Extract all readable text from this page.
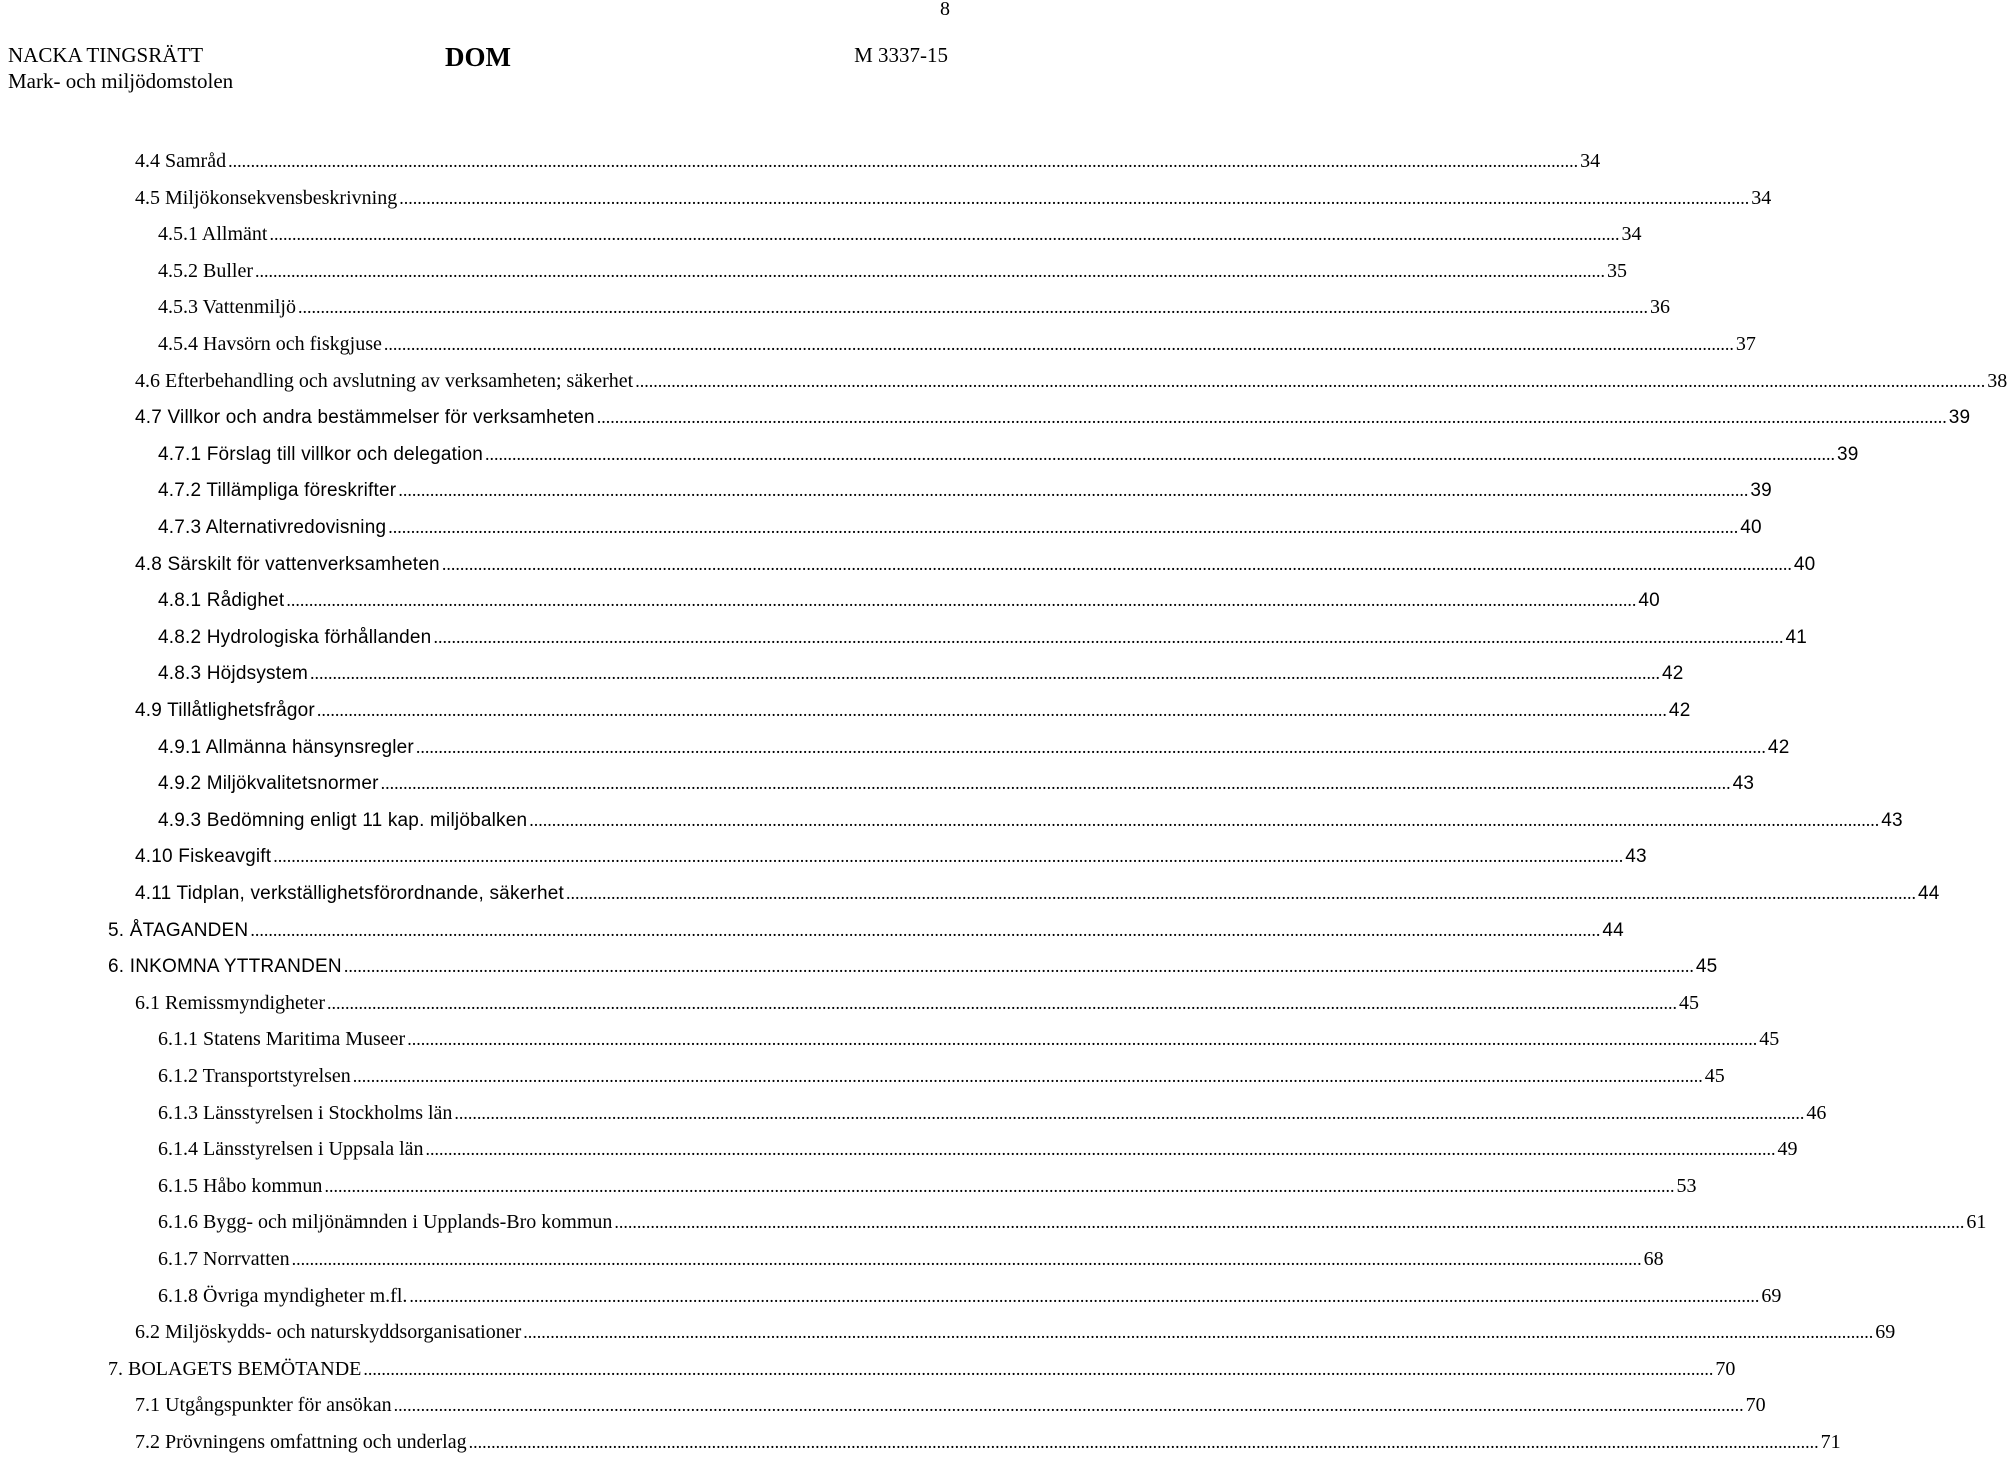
8
NACKA TINGSRÄTT
Mark- och miljödomstolen
DOM	M 3337-15
4.4 Samråd ............................................................................................................................................................................................................................................................................................................ 34
4.5 Miljökonsekvensbeskrivning ............................................................................................................................................................................................................................................................................................................ 34
4.5.1 Allmänt ............................................................................................................................................................................................................................................................................................................ 34
4.5.2 Buller ............................................................................................................................................................................................................................................................................................................ 35
4.5.3 Vattenmiljö ............................................................................................................................................................................................................................................................................................................ 36
4.5.4 Havsörn och fiskgjuse ............................................................................................................................................................................................................................................................................................................ 37
4.6 Efterbehandling och avslutning av verksamheten; säkerhet ............................................................................................................................................................................................................................................................................................................ 38
4.7 Villkor och andra bestämmelser för verksamheten ............................................................................................................................................................................................................................................................................................................ 39
4.7.1 Förslag till villkor och delegation ............................................................................................................................................................................................................................................................................................................ 39
4.7.2 Tillämpliga föreskrifter ............................................................................................................................................................................................................................................................................................................ 39
4.7.3 Alternativredovisning ............................................................................................................................................................................................................................................................................................................ 40
4.8 Särskilt för vattenverksamheten ............................................................................................................................................................................................................................................................................................................ 40
4.8.1 Rådighet ............................................................................................................................................................................................................................................................................................................ 40
4.8.2 Hydrologiska förhållanden ............................................................................................................................................................................................................................................................................................................ 41
4.8.3 Höjdsystem ............................................................................................................................................................................................................................................................................................................ 42
4.9 Tillåtlighetsfrågor ............................................................................................................................................................................................................................................................................................................ 42
4.9.1 Allmänna hänsynsregler ............................................................................................................................................................................................................................................................................................................ 42
4.9.2 Miljökvalitetsnormer ............................................................................................................................................................................................................................................................................................................ 43
4.9.3 Bedömning enligt 11 kap. miljöbalken ............................................................................................................................................................................................................................................................................................................ 43
4.10 Fiskeavgift ............................................................................................................................................................................................................................................................................................................ 43
4.11 Tidplan, verkställighetsförordnande, säkerhet ............................................................................................................................................................................................................................................................................................................ 44
5. ÅTAGANDEN ............................................................................................................................................................................................................................................................................................................ 44
6. INKOMNA YTTRANDEN ............................................................................................................................................................................................................................................................................................................ 45
6.1 Remissmyndigheter ............................................................................................................................................................................................................................................................................................................ 45
6.1.1 Statens Maritima Museer ............................................................................................................................................................................................................................................................................................................ 45
6.1.2 Transportstyrelsen ............................................................................................................................................................................................................................................................................................................ 45
6.1.3 Länsstyrelsen i Stockholms län ............................................................................................................................................................................................................................................................................................................ 46
6.1.4 Länsstyrelsen i Uppsala län ............................................................................................................................................................................................................................................................................................................ 49
6.1.5 Håbo kommun ............................................................................................................................................................................................................................................................................................................ 53
6.1.6 Bygg- och miljönämnden i Upplands-Bro kommun ............................................................................................................................................................................................................................................................................................................ 61
6.1.7 Norrvatten ............................................................................................................................................................................................................................................................................................................ 68
6.1.8 Övriga myndigheter m.fl. ............................................................................................................................................................................................................................................................................................................ 69
6.2 Miljöskydds- och naturskyddsorganisationer ............................................................................................................................................................................................................................................................................................................ 69
7. BOLAGETS BEMÖTANDE ............................................................................................................................................................................................................................................................................................................ 70
7.1 Utgångspunkter för ansökan ............................................................................................................................................................................................................................................................................................................ 70
7.2 Prövningens omfattning och underlag ............................................................................................................................................................................................................................................................................................................ 71
